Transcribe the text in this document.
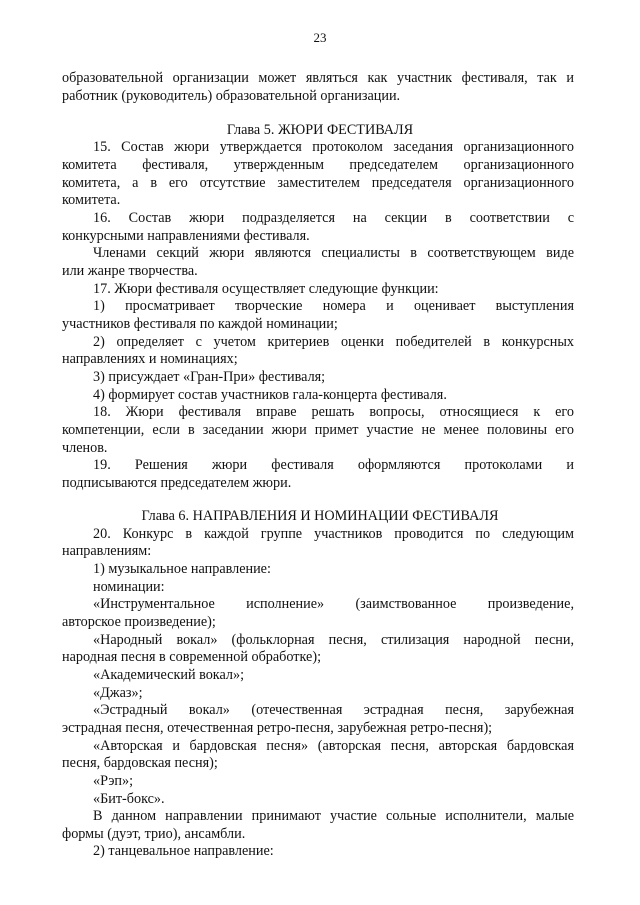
23
образовательной организации может являться как участник фестиваля, так и
работник (руководитель) образовательной организации.
Глава 5. ЖЮРИ ФЕСТИВАЛЯ
15. Состав жюри утверждается протоколом заседания организационного
комитета фестиваля, утвержденным председателем организационного
комитета, а в его отсутствие заместителем председателя организационного
комитета.
16. Состав жюри подразделяется на секции в соответствии с
конкурсными направлениями фестиваля.
Членами секций жюри являются специалисты в соответствующем виде
или жанре творчества.
17. Жюри фестиваля осуществляет следующие функции:
1) просматривает творческие номера и оценивает выступления
участников фестиваля по каждой номинации;
2) определяет с учетом критериев оценки победителей в конкурсных
направлениях и номинациях;
3) присуждает «Гран-При» фестиваля;
4) формирует состав участников гала-концерта фестиваля.
18. Жюри фестиваля вправе решать вопросы, относящиеся к его
компетенции, если в заседании жюри примет участие не менее половины его
членов.
19. Решения жюри фестиваля оформляются протоколами и
подписываются председателем жюри.
Глава 6. НАПРАВЛЕНИЯ И НОМИНАЦИИ ФЕСТИВАЛЯ
20. Конкурс в каждой группе участников проводится по следующим
направлениям:
1) музыкальное направление:
номинации:
«Инструментальное исполнение» (заимствованное произведение,
авторское произведение);
«Народный вокал» (фольклорная песня, стилизация народной песни,
народная песня в современной обработке);
«Академический вокал»;
«Джаз»;
«Эстрадный вокал» (отечественная эстрадная песня, зарубежная
эстрадная песня, отечественная ретро-песня, зарубежная ретро-песня);
«Авторская и бардовская песня» (авторская песня, авторская бардовская
песня, бардовская песня);
«Рэп»;
«Бит-бокс».
В данном направлении принимают участие сольные исполнители, малые
формы (дуэт, трио), ансамбли.
2) танцевальное направление:
